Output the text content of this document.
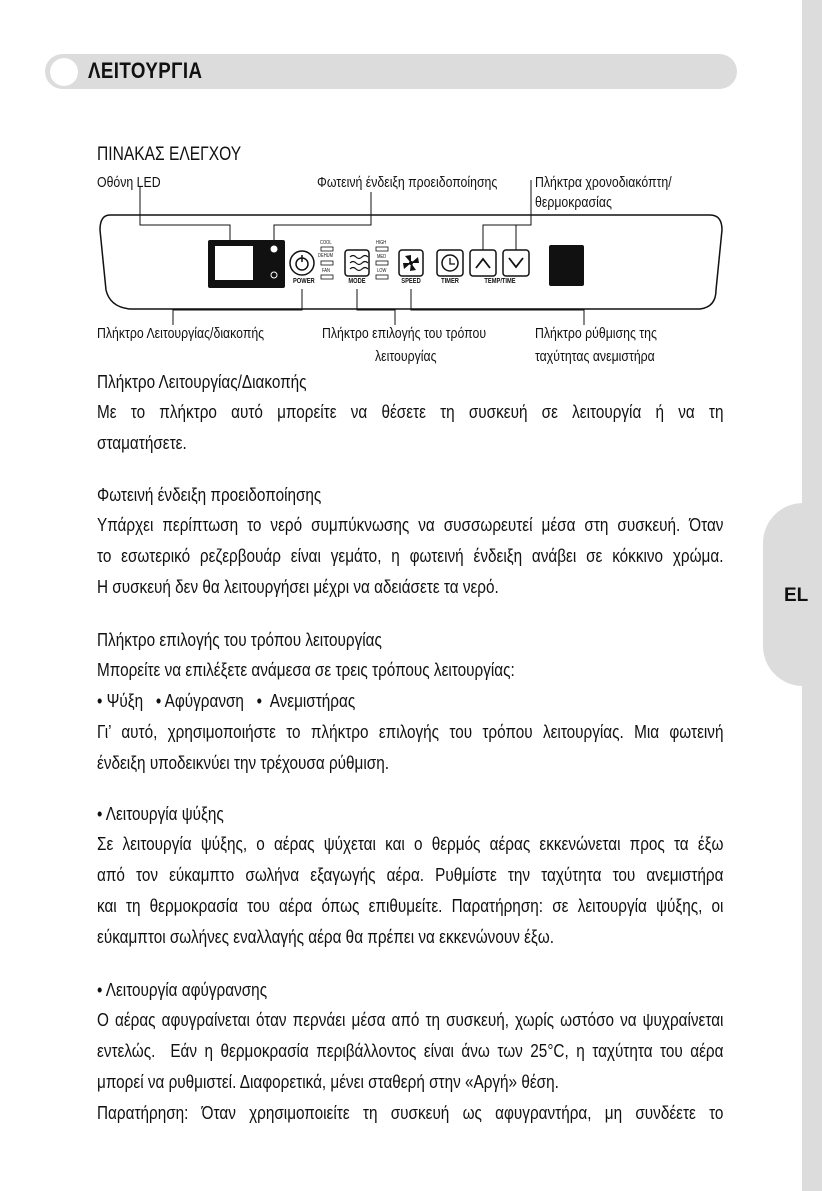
EL
ΛΕΙΤΟΥΡΓΙΑ
ΠΙΝΑΚΑΣ ΕΛΕΓΧΟΥ
POWER	MODE	SPEED	TIMER	TEMP/TIME
COOL
DEHUM
FAN
HIGH
MED
LOW
Οθόνη LED	Φωτεινή ένδειξη προειδοποίησης	Πλήκτρα χρονοδιακόπτη/
θερμοκρασίας
Πλήκτρο Λειτουργίας/διακοπής	Πλήκτρο επιλογής του τρόπου
λειτουργίας
Πλήκτρο ρύθμισης της
ταχύτητας ανεμιστήρα
Πλήκτρο Λειτουργίας/Διακοπής
Με το πλήκτρο αυτό μπορείτε να θέσετε τη συσκευή σε λειτουργία ή να τη
σταματήσετε.
Φωτεινή ένδειξη προειδοποίησης
Υπάρχει περίπτωση το νερό συμπύκνωσης να συσσωρευτεί μέσα στη συσκευή. Όταν
το εσωτερικό ρεζερβουάρ είναι γεμάτο, η φωτεινή ένδειξη ανάβει σε κόκκινο χρώμα.
Η συσκευή δεν θα λειτουργήσει μέχρι να αδειάσετε τα νερό.
Πλήκτρο επιλογής του τρόπου λειτουργίας
Μπορείτε να επιλέξετε ανάμεσα σε τρεις τρόπους λειτουργίας:
• Ψύξη   • Αφύγρανση   •  Ανεμιστήρας
Γι’ αυτό, χρησιμοποιήστε το πλήκτρο επιλογής του τρόπου λειτουργίας. Μια φωτεινή
ένδειξη υποδεικνύει την τρέχουσα ρύθμιση.
• Λειτουργία ψύξης
Σε λειτουργία ψύξης, ο αέρας ψύχεται και ο θερμός αέρας εκκενώνεται προς τα έξω
από τον εύκαμπτο σωλήνα εξαγωγής αέρα. Ρυθμίστε την ταχύτητα του ανεμιστήρα
και τη θερμοκρασία του αέρα όπως επιθυμείτε. Παρατήρηση: σε λειτουργία ψύξης, οι
εύκαμπτοι σωλήνες εναλλαγής αέρα θα πρέπει να εκκενώνουν έξω.
• Λειτουργία αφύγρανσης
Ο αέρας αφυγραίνεται όταν περνάει μέσα από τη συσκευή, χωρίς ωστόσο να ψυχραίνεται
εντελώς.  Εάν η θερμοκρασία περιβάλλοντος είναι άνω των 25°C, η ταχύτητα του αέρα
μπορεί να ρυθμιστεί. Διαφορετικά, μένει σταθερή στην «Αργή» θέση.
Παρατήρηση: Όταν χρησιμοποιείτε τη συσκευή ως αφυγραντήρα, μη συνδέετε το
